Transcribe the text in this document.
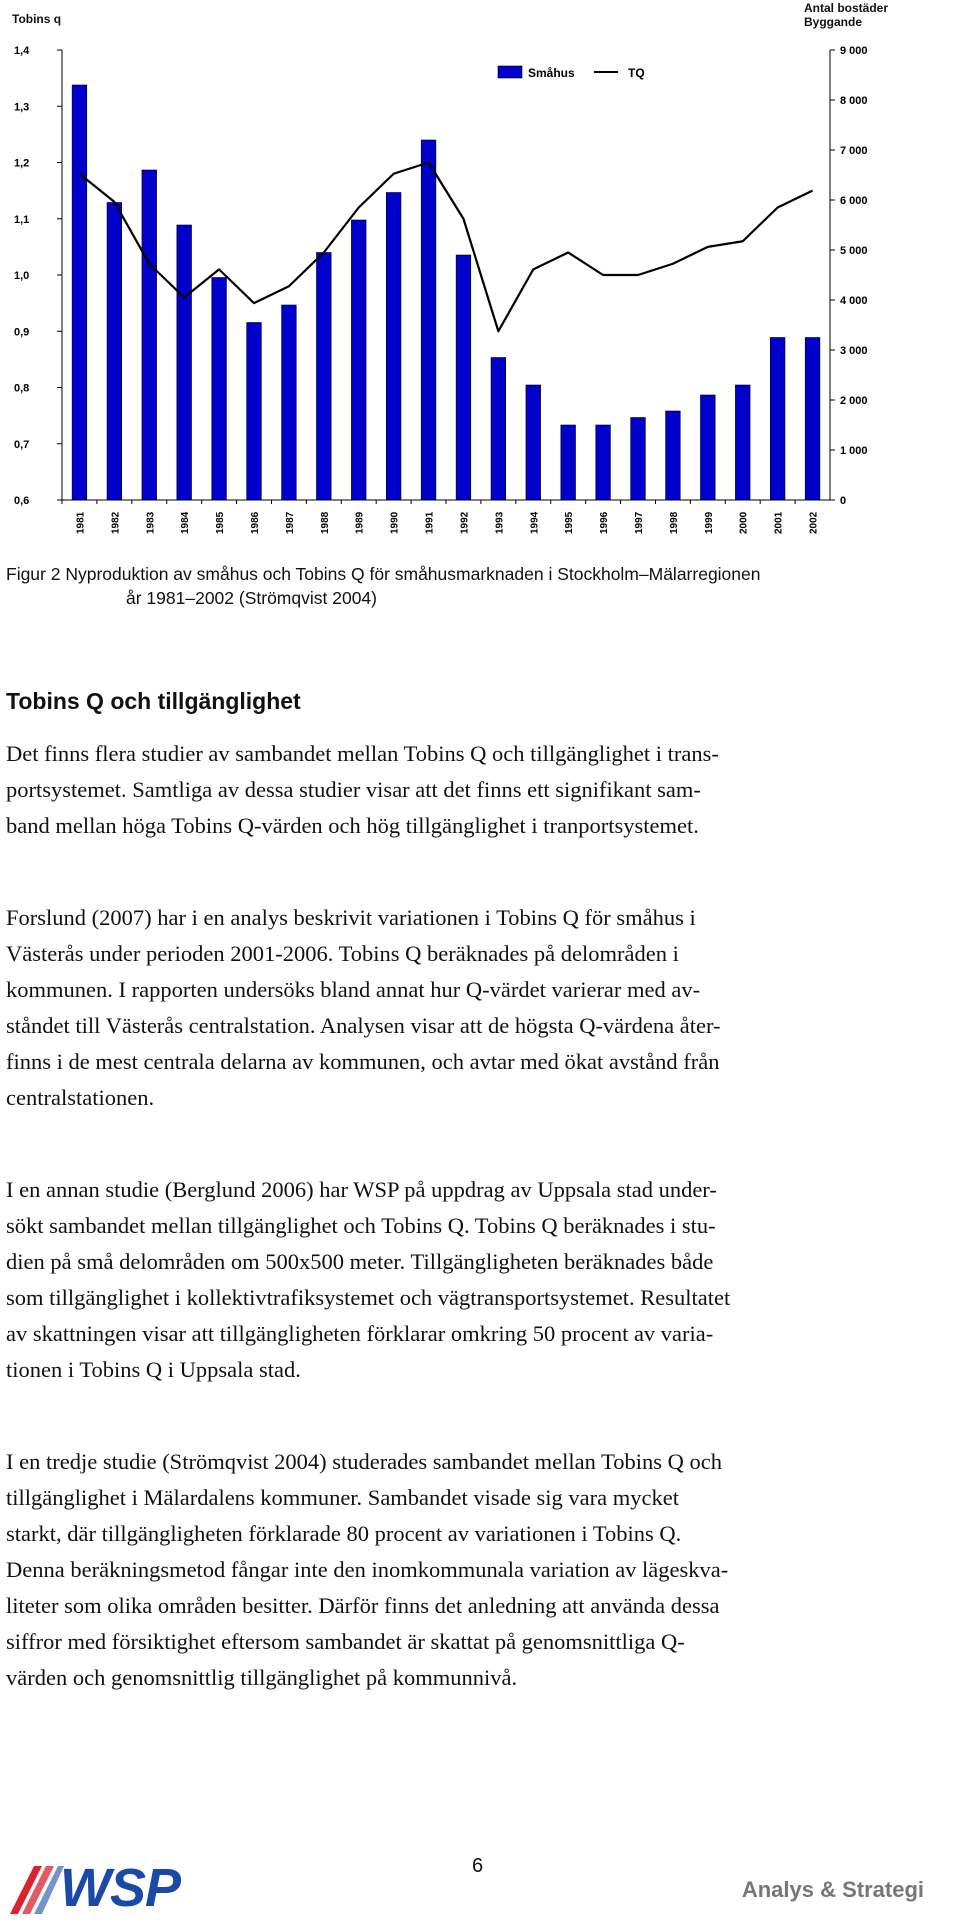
Tobins q
Antal bostäder
Byggande
0,6
0,7
0,8
0,9
1,0
1,1
1,2
1,3
1,4
0
1 000
2 000
3 000
4 000
5 000
6 000
7 000
8 000
9 000
1981 1982 1983 1984 1985 1986 1987 1988 1989 1990 1991 1992 1993 1994 1995 1996 1997 1998 1999 2000 2001 2002
Småhus	TQ
Figur 2 Nyproduktion av småhus och Tobins Q för småhusmarknaden i Stockholm–Mälarregionen
år 1981–2002 (Strömqvist 2004)
Tobins Q och tillgänglighet
Det finns flera studier av sambandet mellan Tobins Q och tillgänglighet i trans-
portsystemet. Samtliga av dessa studier visar att det finns ett signifikant sam-
band mellan höga Tobins Q-värden och hög tillgänglighet i tranportsystemet.
Forslund (2007) har i en analys beskrivit variationen i Tobins Q för småhus i
Västerås under perioden 2001-2006. Tobins Q beräknades på delområden i
kommunen. I rapporten undersöks bland annat hur Q-värdet varierar med av-
ståndet till Västerås centralstation. Analysen visar att de högsta Q-värdena åter-
finns i de mest centrala delarna av kommunen, och avtar med ökat avstånd från
centralstationen.
I en annan studie (Berglund 2006) har WSP på uppdrag av Uppsala stad under-
sökt sambandet mellan tillgänglighet och Tobins Q. Tobins Q beräknades i stu-
dien på små delområden om 500x500 meter. Tillgängligheten beräknades både
som tillgänglighet i kollektivtrafiksystemet och vägtransportsystemet. Resultatet
av skattningen visar att tillgängligheten förklarar omkring 50 procent av varia-
tionen i Tobins Q i Uppsala stad.
I en tredje studie (Strömqvist 2004) studerades sambandet mellan Tobins Q och
tillgänglighet i Mälardalens kommuner. Sambandet visade sig vara mycket
starkt, där tillgängligheten förklarade 80 procent av variationen i Tobins Q.
Denna beräkningsmetod fångar inte den inomkommunala variation av lägeskva-
liteter som olika områden besitter. Därför finns det anledning att använda dessa
siffror med försiktighet eftersom sambandet är skattat på genomsnittliga Q-
värden och genomsnittlig tillgänglighet på kommunnivå.
WSP	6
Analys & Strategi
